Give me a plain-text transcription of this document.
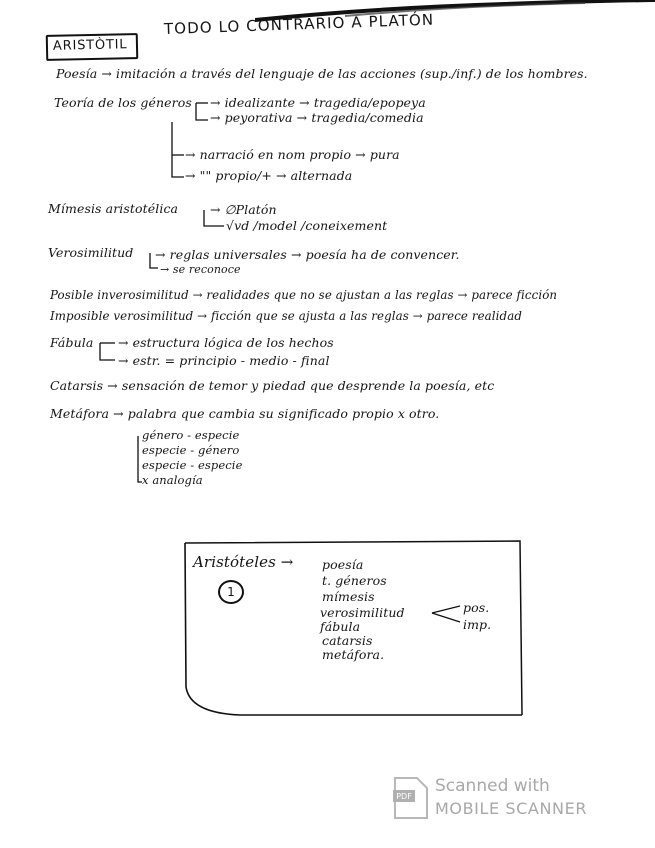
ARISTÒTIL
TODO LO CONTRARIO A PLATÓN
Poesía → imitación a través del lenguaje de las acciones (sup./inf.) de los hombres.
Teoría de los géneros → idealizante → tragedia/epopeya
→ peyorativa → tragedia/comedia
→ narració en nom propio → pura
→ "" propio/+ → alternada
Mímesis aristotélica	→ ∅Platón
√vd /model /coneixement
Verosimilitud → reglas universales → poesía ha de convencer.
→ se reconoce
Posible inverosimilitud → realidades que no se ajustan a las reglas → parece ficción
Imposible verosimilitud → ficción que se ajusta a las reglas → parece realidad
Fábula → estructura lógica de los hechos
→ estr. = principio - medio - final
Catarsis → sensación de temor y piedad que desprende la poesía, etc
Metáfora → palabra que cambia su significado propio x otro.
género - especie
especie - género
especie - especie
x analogía
Aristóteles →
1
poesía
t. géneros
mímesis
verosimilitud
fábula
catarsis
metáfora.
pos.
imp.
PDF
Scanned with
MOBILE SCANNER
